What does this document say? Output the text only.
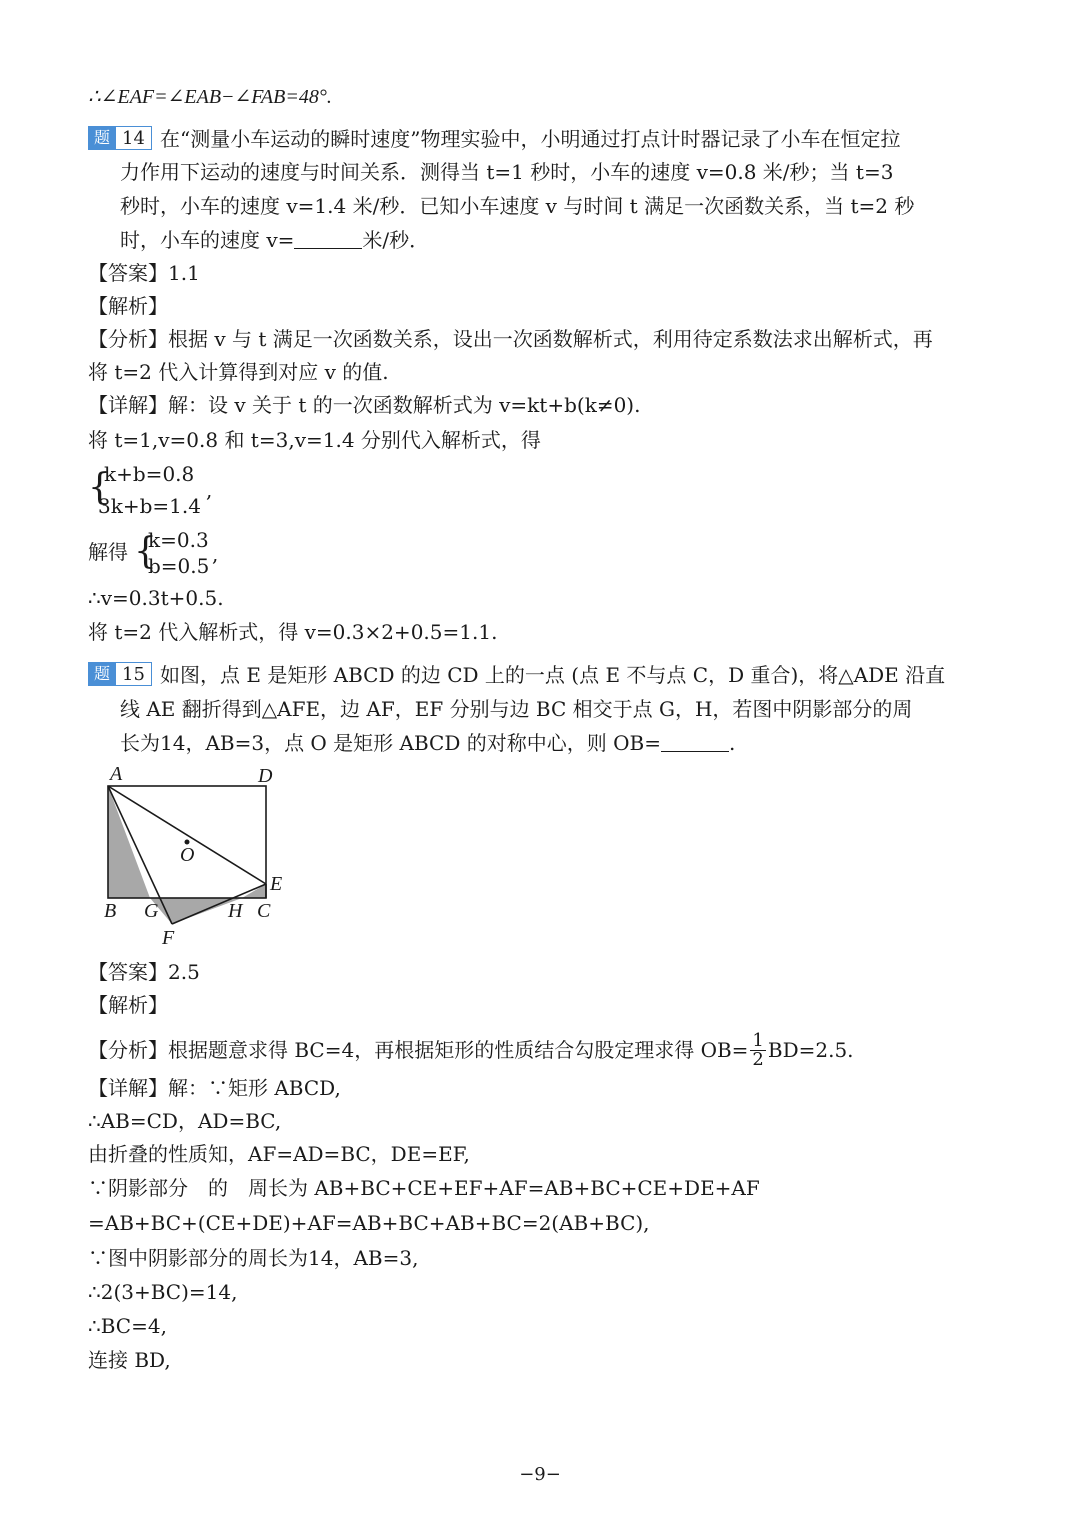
∴∠EAF=∠EAB−∠FAB=48°.
题 14 在“测量小车运动的瞬时速度”物理实验中，小明通过打点计时器记录了小车在恒定拉
力作用下运动的速度与时间关系．测得当 t=1 秒时，小车的速度 v=0.8 米/秒；当 t=3
秒时，小车的速度 v=1.4 米/秒．已知小车速度 v 与时间 t 满足一次函数关系，当 t=2 秒
时，小车的速度 v=	米/秒．
【答案】1.1
【解析】
【分析】根据 v 与 t 满足一次函数关系，设出一次函数解析式，利用待定系数法求出解析式，再
将 t=2 代入计算得到对应 v 的值.
【详解】解：设 v 关于 t 的一次函数解析式为 v=kt+b(k≠0).
将 t=1,v=0.8 和 t=3,v=1.4 分别代入解析式，得
{
k+b=0.8
3k+b=1.4
,
解得 {
k=0.3
b=0.5 ,
∴v=0.3t+0.5.
将 t=2 代入解析式，得 v=0.3×2+0.5=1.1.
题 15 如图，点 E 是矩形 ABCD 的边 CD 上的一点 (点 E 不与点 C，D 重合)，将△ADE 沿直
线 AE 翻折得到△AFE，边 AF，EF 分别与边 BC 相交于点 G，H，若图中阴影部分的周
长为14，AB=3，点 O 是矩形 ABCD 的对称中心，则 OB=	.
A	D
B G	H C
E
F
O
【答案】2.5
【解析】
【分析】根据题意求得 BC=4，再根据矩形的性质结合勾股定理求得 $OB= \frac{1}{2} BD=2.5$.
【详解】解：∵矩形 ABCD,
∴AB=CD，AD=BC,
由折叠的性质知，AF=AD=BC，DE=EF,
∵阴影部分　的　周长为 AB+BC+CE+EF+AF=AB+BC+CE+DE+AF
=AB+BC+(CE+DE)+AF=AB+BC+AB+BC=2(AB+BC),
∵图中阴影部分的周长为14，AB=3,
∴2(3+BC)=14,
∴BC=4,
连接 BD,
−9−
